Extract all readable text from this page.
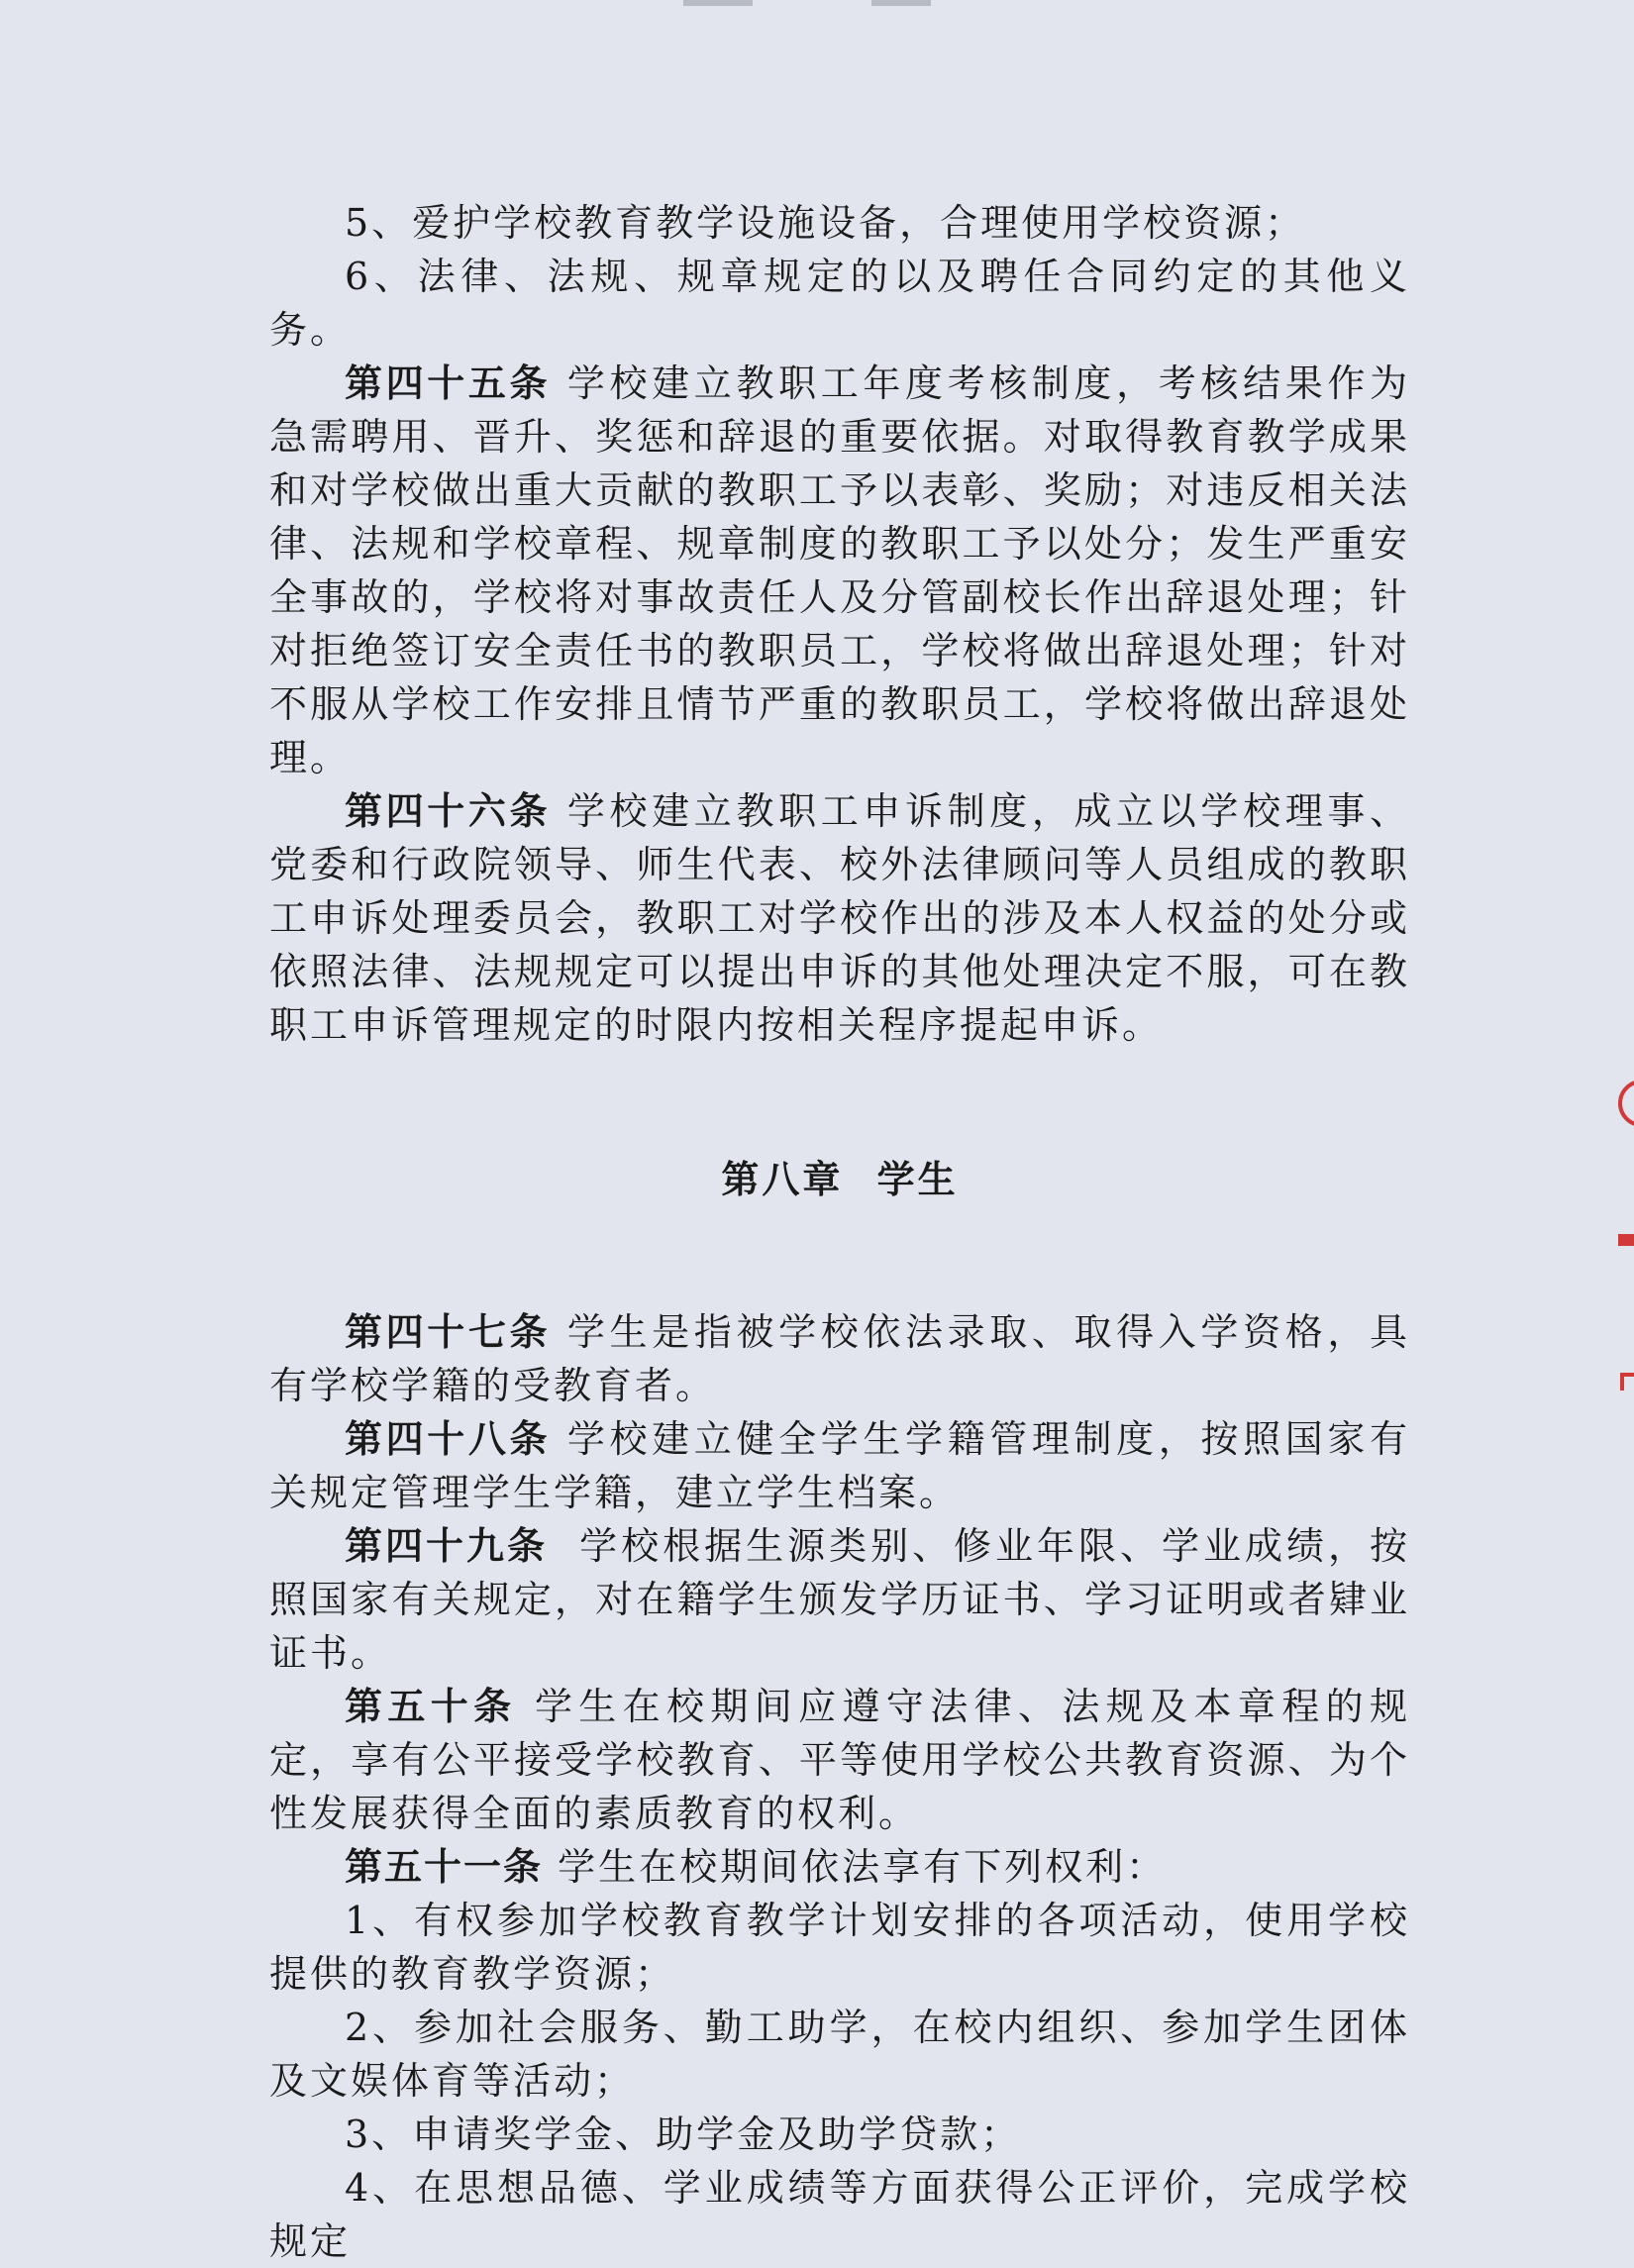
5、爱护学校教育教学设施设备，合理使用学校资源；

6、法律、法规、规章规定的以及聘任合同约定的其他义务。

第四十五条 学校建立教职工年度考核制度，考核结果作为急需聘用、晋升、奖惩和辞退的重要依据。对取得教育教学成果和对学校做出重大贡献的教职工予以表彰、奖励；对违反相关法律、法规和学校章程、规章制度的教职工予以处分；发生严重安全事故的，学校将对事故责任人及分管副校长作出辞退处理；针对拒绝签订安全责任书的教职员工，学校将做出辞退处理；针对不服从学校工作安排且情节严重的教职员工，学校将做出辞退处理。

第四十六条 学校建立教职工申诉制度，成立以学校理事、党委和行政院领导、师生代表、校外法律顾问等人员组成的教职工申诉处理委员会，教职工对学校作出的涉及本人权益的处分或依照法律、法规规定可以提出申诉的其他处理决定不服，可在教职工申诉管理规定的时限内按相关程序提起申诉。

第八章 学生

第四十七条 学生是指被学校依法录取、取得入学资格，具有学校学籍的受教育者。

第四十八条 学校建立健全学生学籍管理制度，按照国家有关规定管理学生学籍，建立学生档案。

第四十九条 学校根据生源类别、修业年限、学业成绩，按照国家有关规定，对在籍学生颁发学历证书、学习证明或者肄业证书。

第五十条 学生在校期间应遵守法律、法规及本章程的规定，享有公平接受学校教育、平等使用学校公共教育资源、为个性发展获得全面的素质教育的权利。

第五十一条 学生在校期间依法享有下列权利：

1、有权参加学校教育教学计划安排的各项活动，使用学校提供的教育教学资源；

2、参加社会服务、勤工助学，在校内组织、参加学生团体及文娱体育等活动；

3、申请奖学金、助学金及助学贷款；

4、在思想品德、学业成绩等方面获得公正评价，完成学校规定
